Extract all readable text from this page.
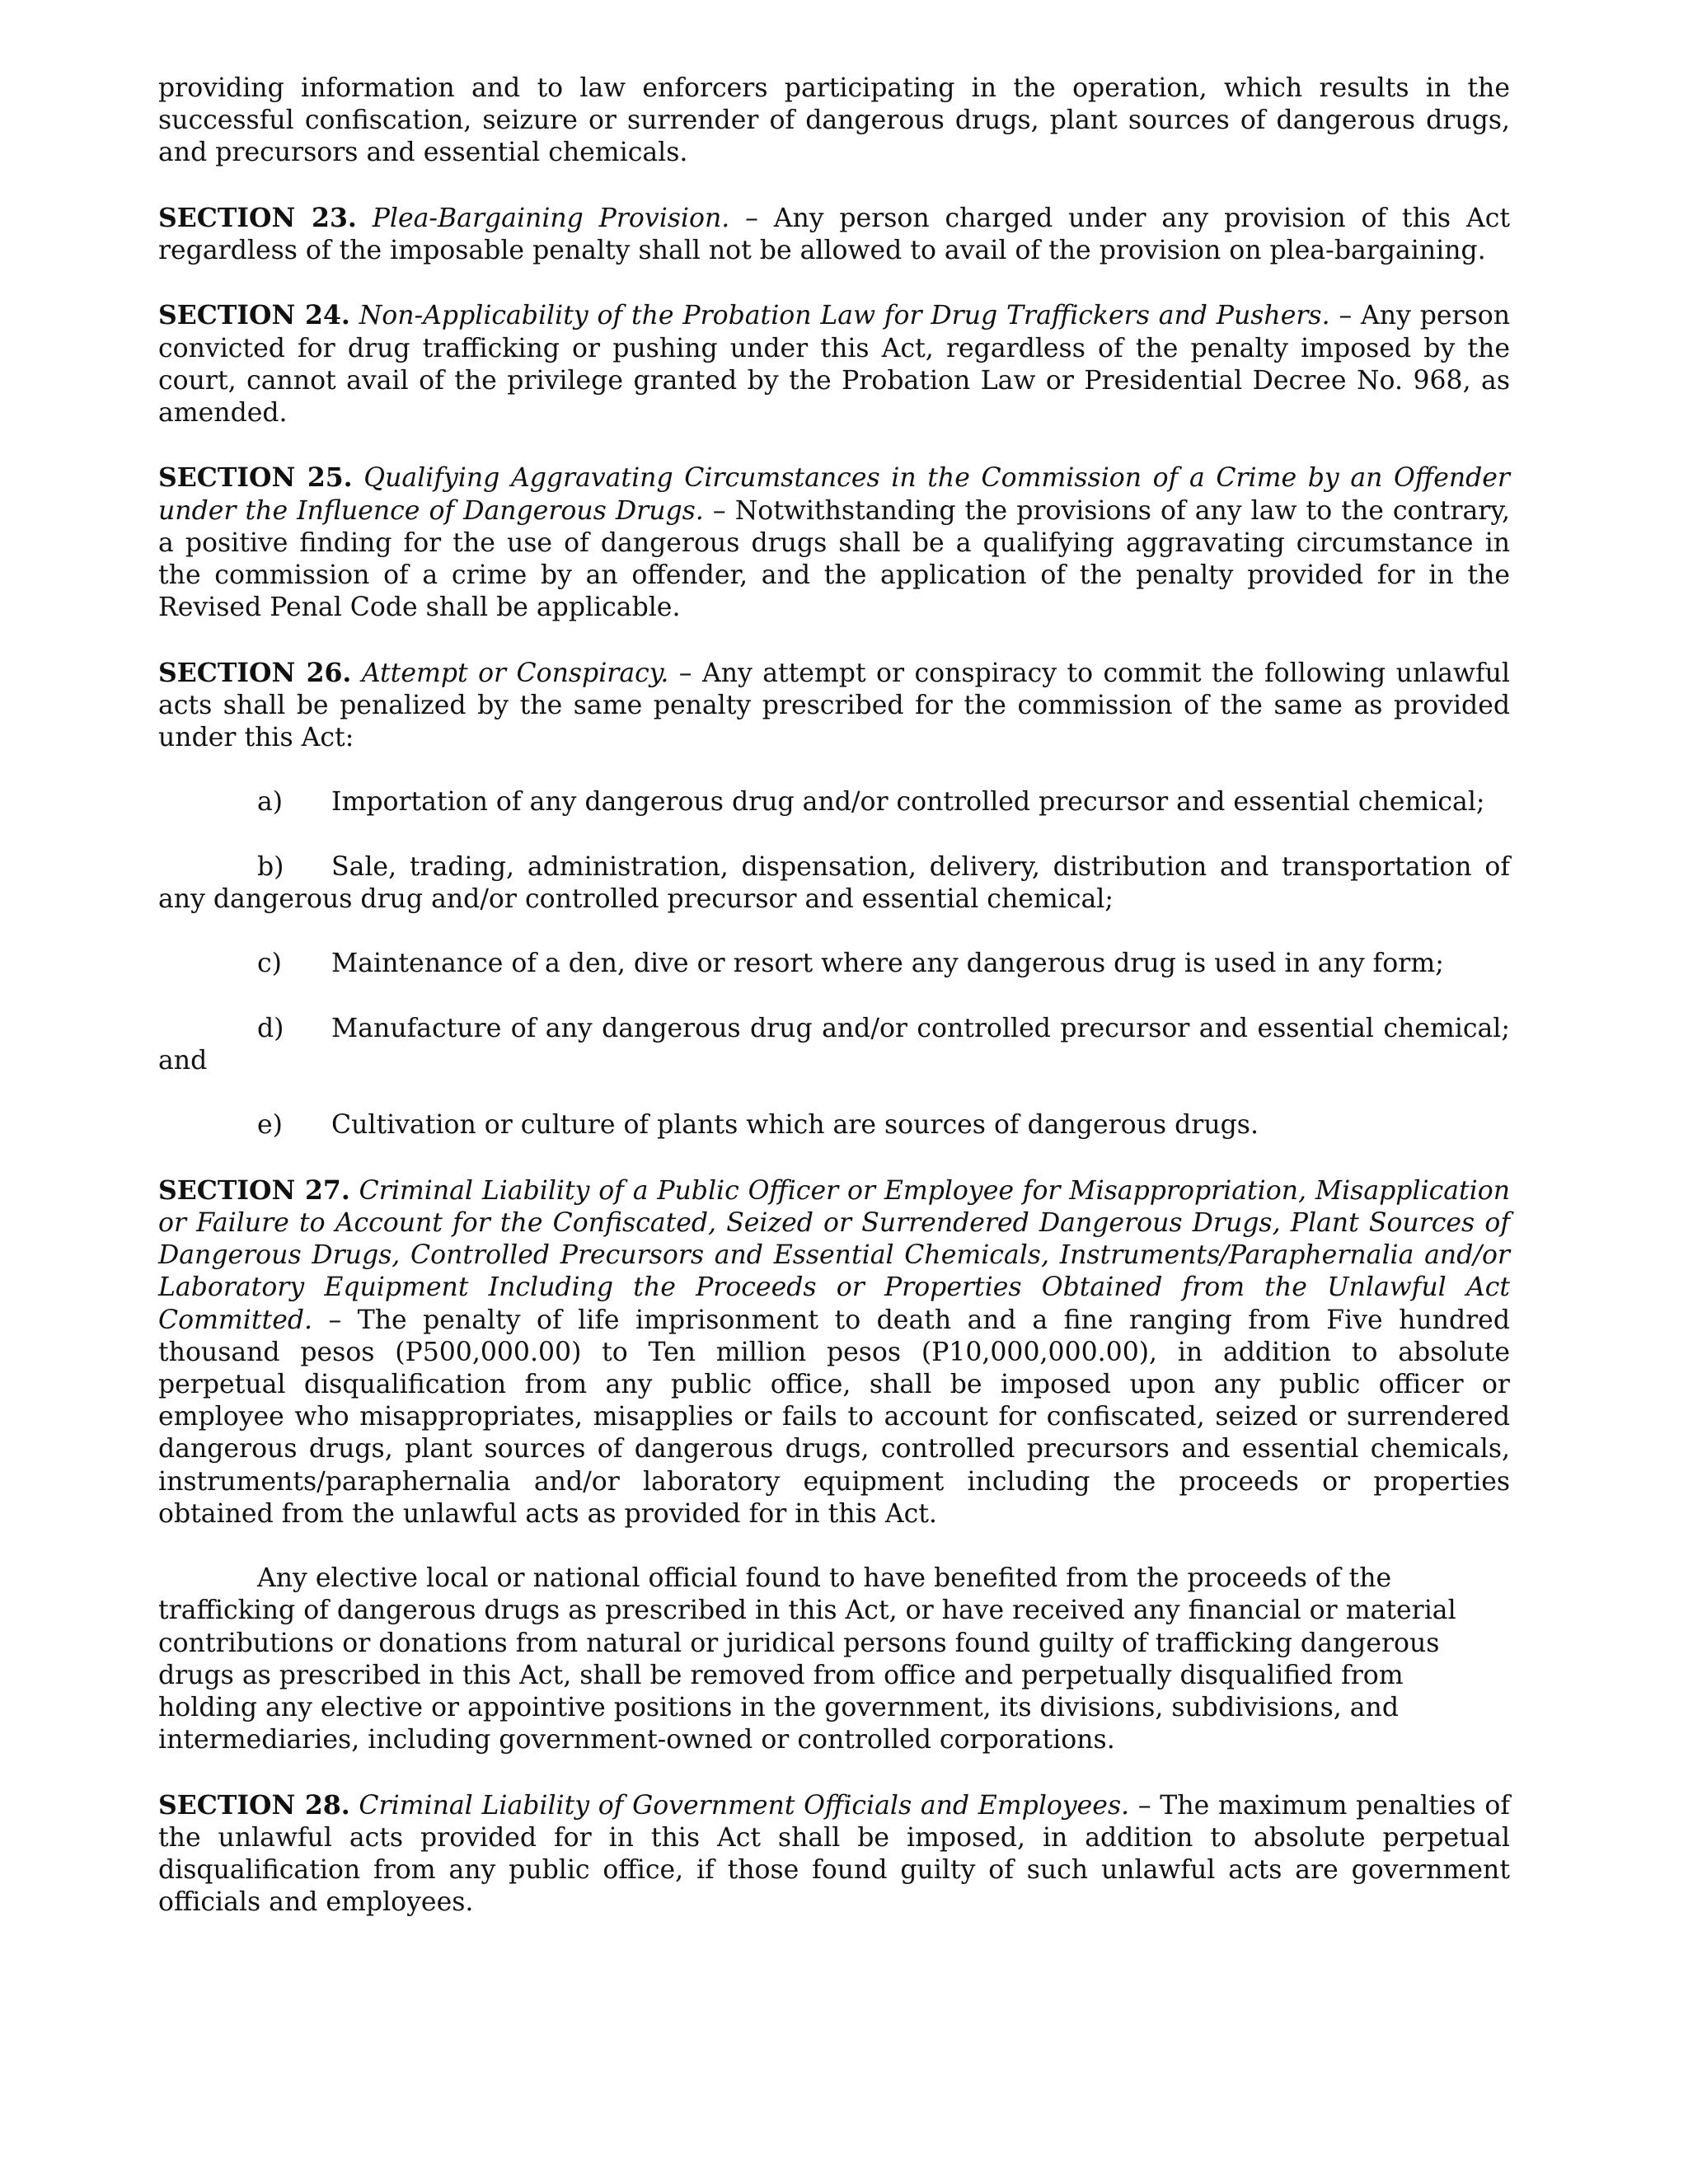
providing information and to law enforcers participating in the operation, which results in the successful confiscation, seizure or surrender of dangerous drugs, plant sources of dangerous drugs, and precursors and essential chemicals.

SECTION 23. Plea-Bargaining Provision. – Any person charged under any provision of this Act regardless of the imposable penalty shall not be allowed to avail of the provision on plea-bargaining.

SECTION 24. Non-Applicability of the Probation Law for Drug Traffickers and Pushers. – Any person convicted for drug trafficking or pushing under this Act, regardless of the penalty imposed by the court, cannot avail of the privilege granted by the Probation Law or Presidential Decree No. 968, as amended.

SECTION 25. Qualifying Aggravating Circumstances in the Commission of a Crime by an Offender under the Influence of Dangerous Drugs. – Notwithstanding the provisions of any law to the contrary, a positive finding for the use of dangerous drugs shall be a qualifying aggravating circumstance in the commission of a crime by an offender, and the application of the penalty provided for in the Revised Penal Code shall be applicable.

SECTION 26. Attempt or Conspiracy. – Any attempt or conspiracy to commit the following unlawful acts shall be penalized by the same penalty prescribed for the commission of the same as provided under this Act:

a) Importation of any dangerous drug and/or controlled precursor and essential chemical;

b) Sale, trading, administration, dispensation, delivery, distribution and transportation of any dangerous drug and/or controlled precursor and essential chemical;

c) Maintenance of a den, dive or resort where any dangerous drug is used in any form;

d) Manufacture of any dangerous drug and/or controlled precursor and essential chemical; and

e) Cultivation or culture of plants which are sources of dangerous drugs.

SECTION 27. Criminal Liability of a Public Officer or Employee for Misappropriation, Misapplication or Failure to Account for the Confiscated, Seized or Surrendered Dangerous Drugs, Plant Sources of Dangerous Drugs, Controlled Precursors and Essential Chemicals, Instruments/Paraphernalia and/or Laboratory Equipment Including the Proceeds or Properties Obtained from the Unlawful Act Committed. – The penalty of life imprisonment to death and a fine ranging from Five hundred thousand pesos (P500,000.00) to Ten million pesos (P10,000,000.00), in addition to absolute perpetual disqualification from any public office, shall be imposed upon any public officer or employee who misappropriates, misapplies or fails to account for confiscated, seized or surrendered dangerous drugs, plant sources of dangerous drugs, controlled precursors and essential chemicals, instruments/paraphernalia and/or laboratory equipment including the proceeds or properties obtained from the unlawful acts as provided for in this Act.

Any elective local or national official found to have benefited from the proceeds of the trafficking of dangerous drugs as prescribed in this Act, or have received any financial or material contributions or donations from natural or juridical persons found guilty of trafficking dangerous drugs as prescribed in this Act, shall be removed from office and perpetually disqualified from holding any elective or appointive positions in the government, its divisions, subdivisions, and intermediaries, including government-owned or controlled corporations.

SECTION 28. Criminal Liability of Government Officials and Employees. – The maximum penalties of the unlawful acts provided for in this Act shall be imposed, in addition to absolute perpetual disqualification from any public office, if those found guilty of such unlawful acts are government officials and employees.
